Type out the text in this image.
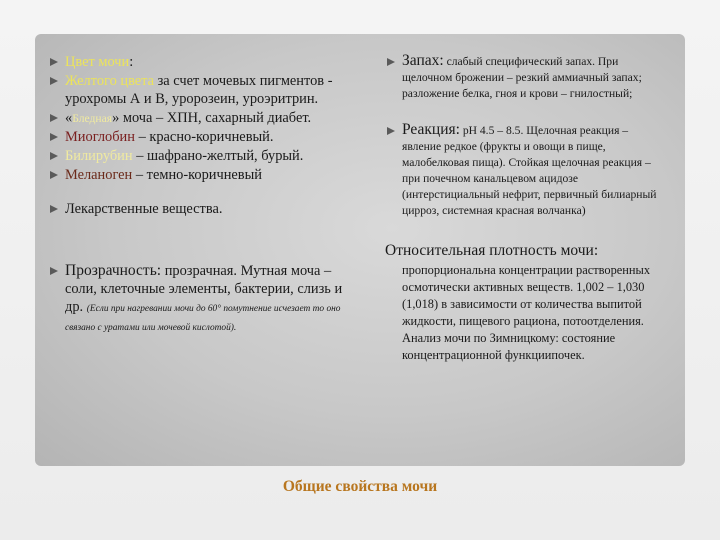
Цвет мочи:
Желтого цвета за счет мочевых пигментов - урохромы А и В, уророзеин, уроэритрин.
«Бледная» моча – ХПН, сахарный диабет.
Миоглобин – красно-коричневый.
Билирубин – шафрано-желтый, бурый.
Меланоген – темно-коричневый
Лекарственные вещества.
Прозрачность: прозрачная. Мутная моча – соли, клеточные элементы, бактерии, слизь и др. (Если при нагревании мочи до 60° помутнение исчезает то оно связано с уратами или мочевой кислотой).
Запах: слабый специфический запах. При щелочном брожении – резкий аммиачный запах; разложение белка, гноя и крови – гнилостный;
Реакция: рН 4.5 – 8.5. Щелочная реакция – явление редкое (фрукты и овощи в пище, малобелковая пища). Стойкая щелочная реакция – при почечном канальцевом ацидозе (интерстициальный нефрит, первичный билиарный цирроз, системная красная волчанка)
Относительная плотность мочи:
пропорциональна концентрации растворенных осмотически активных веществ. 1,002 – 1,030 (1,018) в зависимости от количества выпитой жидкости, пищевого рациона, потоотделения.
Анализ мочи по Зимницкому: состояние концентрационной функциипочек.
Общие свойства мочи
